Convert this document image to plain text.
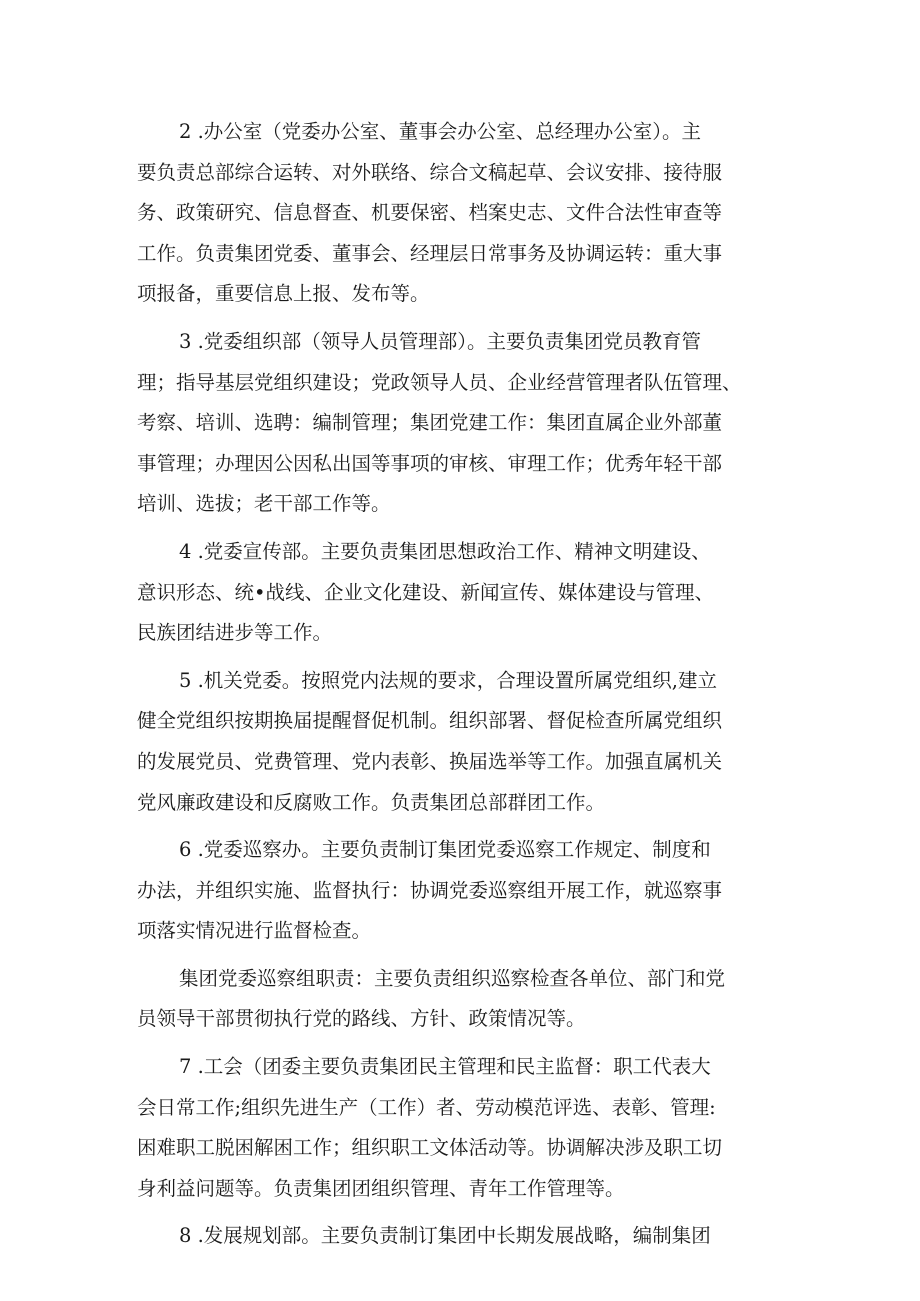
2 .办公室（党委办公室、董事会办公室、总经理办公室）。主
要负责总部综合运转、对外联络、综合文稿起草、会议安排、接待服
务、政策研究、信息督查、机要保密、档案史志、文件合法性审查等
工作。负责集团党委、董事会、经理层日常事务及协调运转：重大事
项报备，重要信息上报、发布等。

3 .党委组织部（领导人员管理部）。主要负责集团党员教育管
理；指导基层党组织建设；党政领导人员、企业经营管理者队伍管理、
考察、培训、选聘：编制管理；集团党建工作：集团直属企业外部董
事管理；办理因公因私出国等事项的审核、审理工作；优秀年轻干部
培训、选拔；老干部工作等。

4 .党委宣传部。主要负责集团思想政治工作、精神文明建设、
意识形态、统•战线、企业文化建设、新闻宣传、媒体建设与管理、
民族团结进步等工作。

5 .机关党委。按照党内法规的要求，合理设置所属党组织,建立
健全党组织按期换届提醒督促机制。组织部署、督促检查所属党组织
的发展党员、党费管理、党内表彰、换届选举等工作。加强直属机关
党风廉政建设和反腐败工作。负责集团总部群团工作。

6 .党委巡察办。主要负责制订集团党委巡察工作规定、制度和
办法，并组织实施、监督执行：协调党委巡察组开展工作，就巡察事
项落实情况进行监督检查。

集团党委巡察组职责：主要负责组织巡察检查各单位、部门和党
员领导干部贯彻执行党的路线、方针、政策情况等。

7 .工会（团委主要负责集团民主管理和民主监督：职工代表大
会日常工作;组织先进生产（工作）者、劳动模范评选、表彰、管理:
困难职工脱困解困工作；组织职工文体活动等。协调解决涉及职工切
身利益问题等。负责集团团组织管理、青年工作管理等。

8 .发展规划部。主要负责制订集团中长期发展战略，编制集团
